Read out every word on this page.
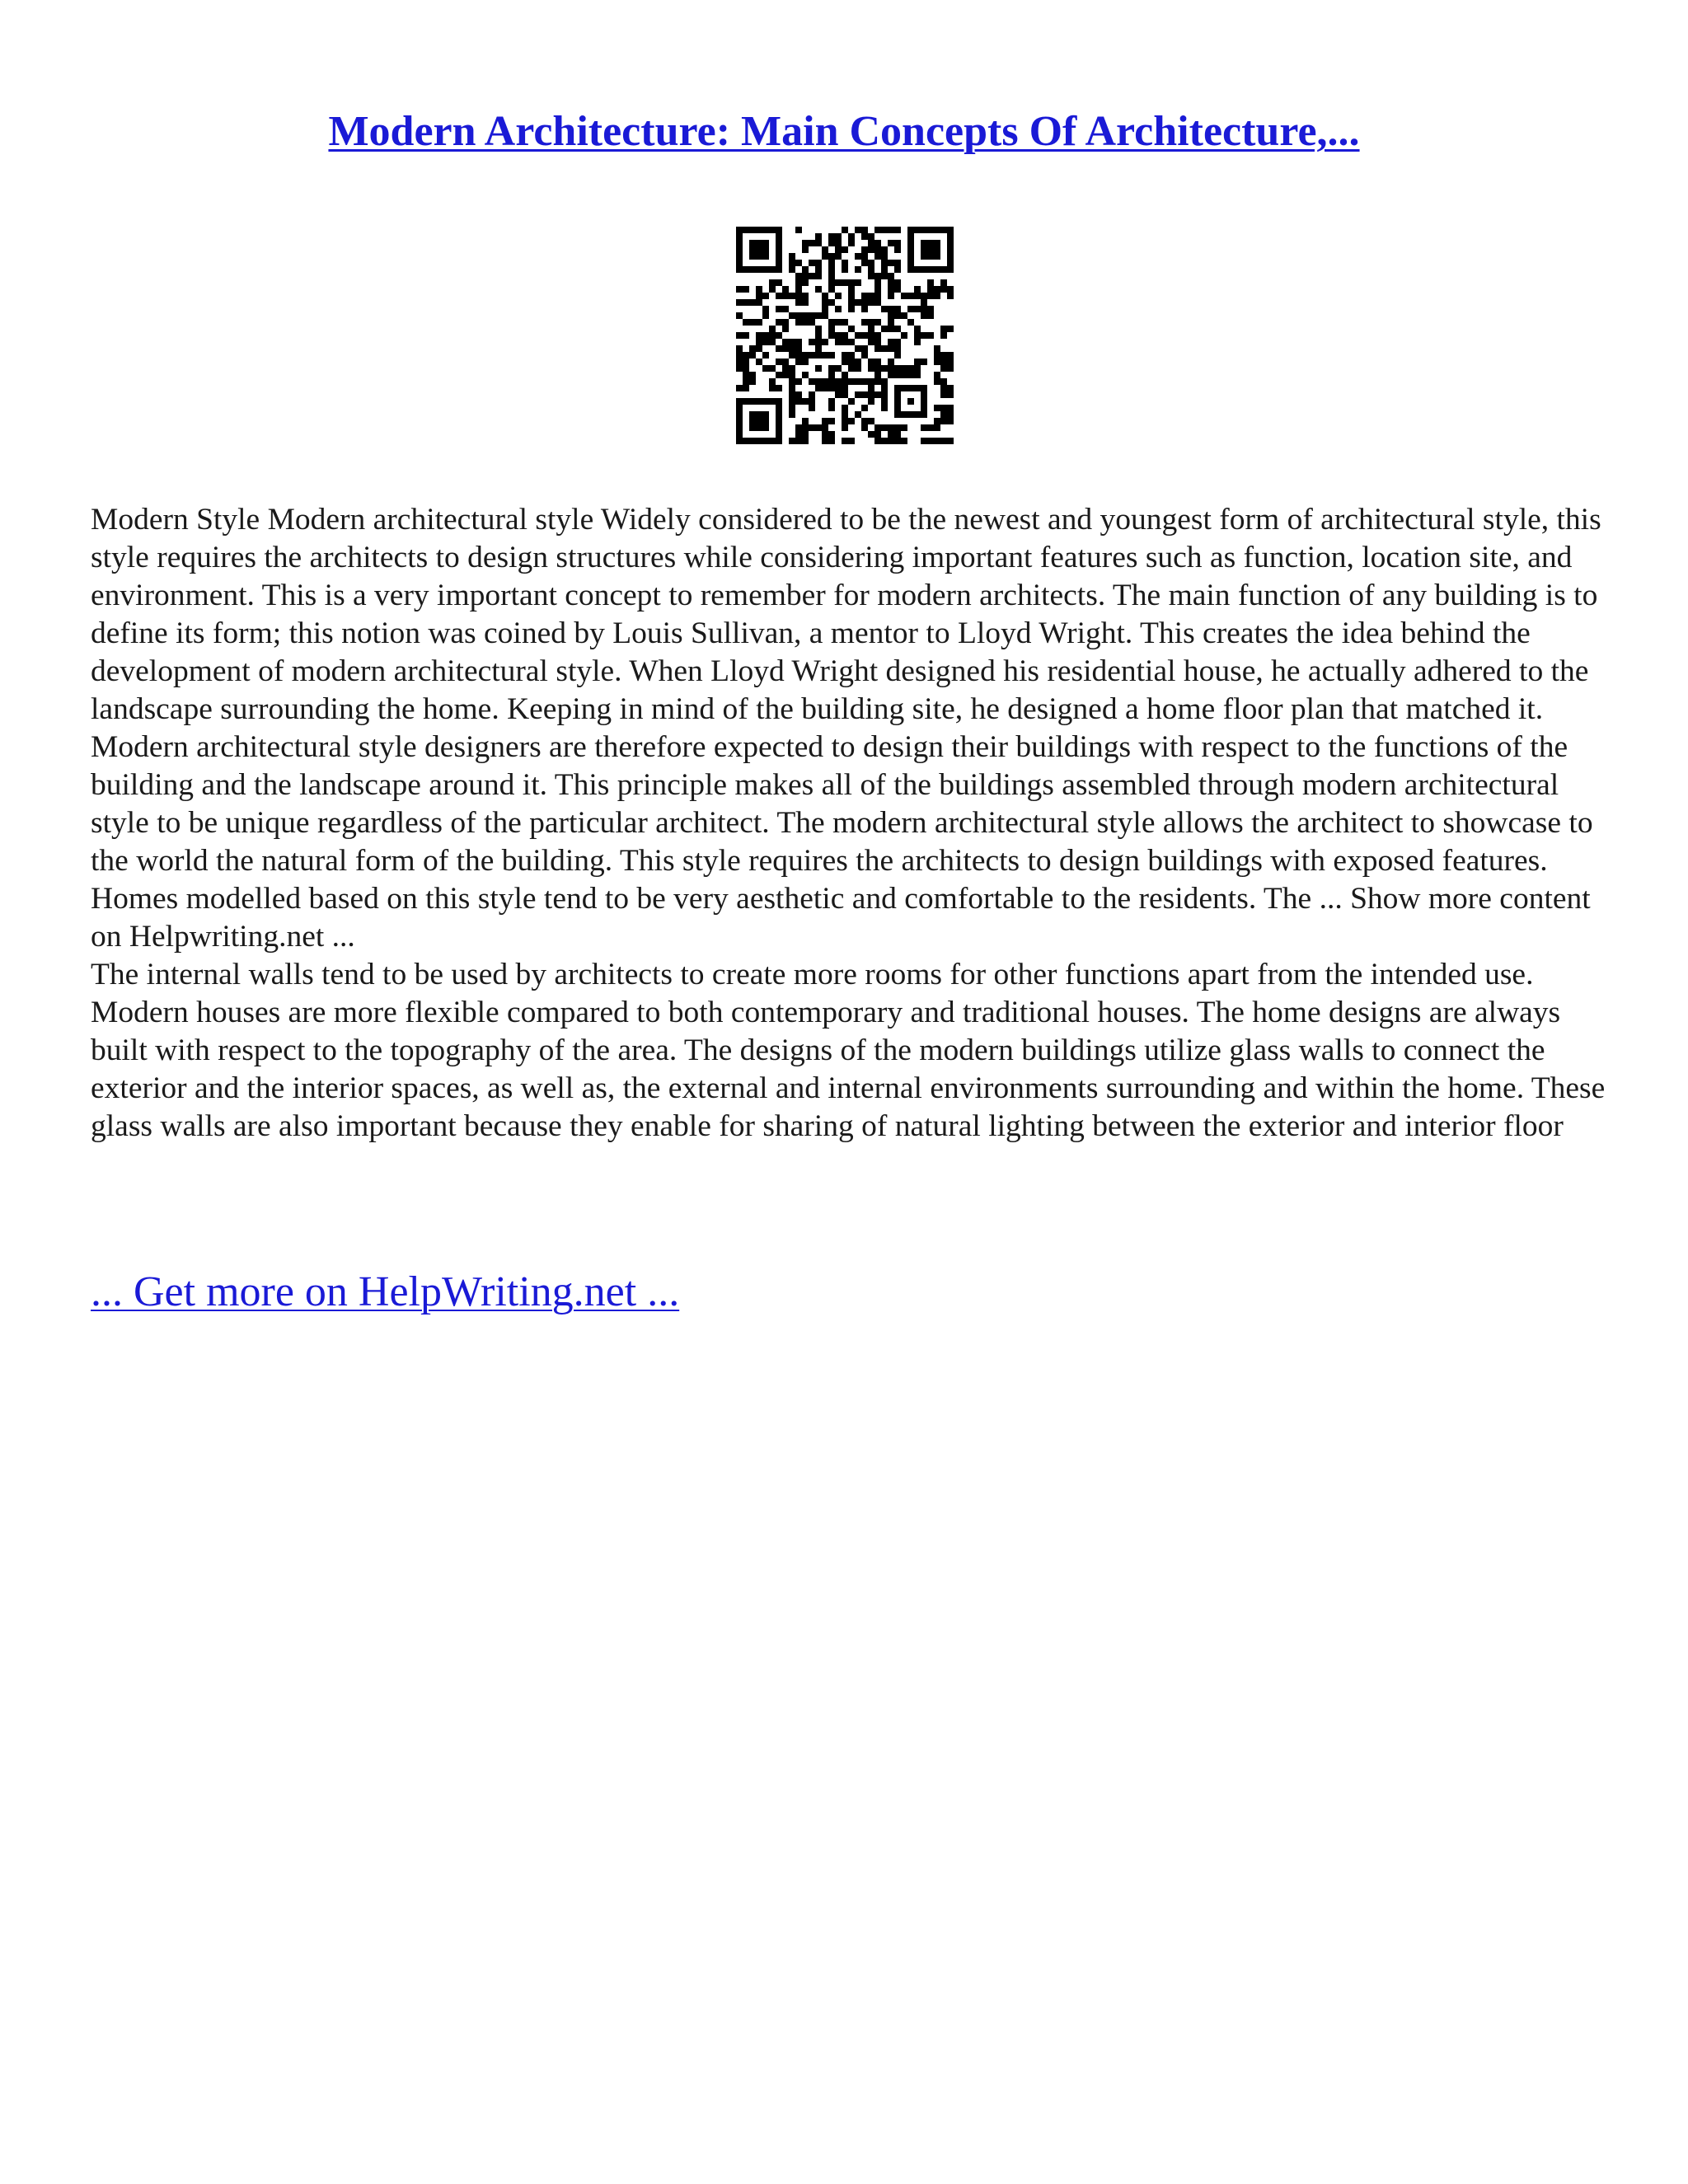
Modern Architecture: Main Concepts Of Architecture,...

Modern Style Modern architectural style Widely considered to be the newest and youngest form of architectural style, this style requires the architects to design structures while considering important features such as function, location site, and environment. This is a very important concept to remember for modern architects. The main function of any building is to define its form; this notion was coined by Louis Sullivan, a mentor to Lloyd Wright. This creates the idea behind the development of modern architectural style. When Lloyd Wright designed his residential house, he actually adhered to the landscape surrounding the home. Keeping in mind of the building site, he designed a home floor plan that matched it. Modern architectural style designers are therefore expected to design their buildings with respect to the functions of the building and the landscape around it. This principle makes all of the buildings assembled through modern architectural style to be unique regardless of the particular architect. The modern architectural style allows the architect to showcase to the world the natural form of the building. This style requires the architects to design buildings with exposed features. Homes modelled based on this style tend to be very aesthetic and comfortable to the residents. The ... Show more content on Helpwriting.net ...

The internal walls tend to be used by architects to create more rooms for other functions apart from the intended use. Modern houses are more flexible compared to both contemporary and traditional houses. The home designs are always built with respect to the topography of the area. The designs of the modern buildings utilize glass walls to connect the exterior and the interior spaces, as well as, the external and internal environments surrounding and within the home. These glass walls are also important because they enable for sharing of natural lighting between the exterior and interior floor

... Get more on HelpWriting.net ...
